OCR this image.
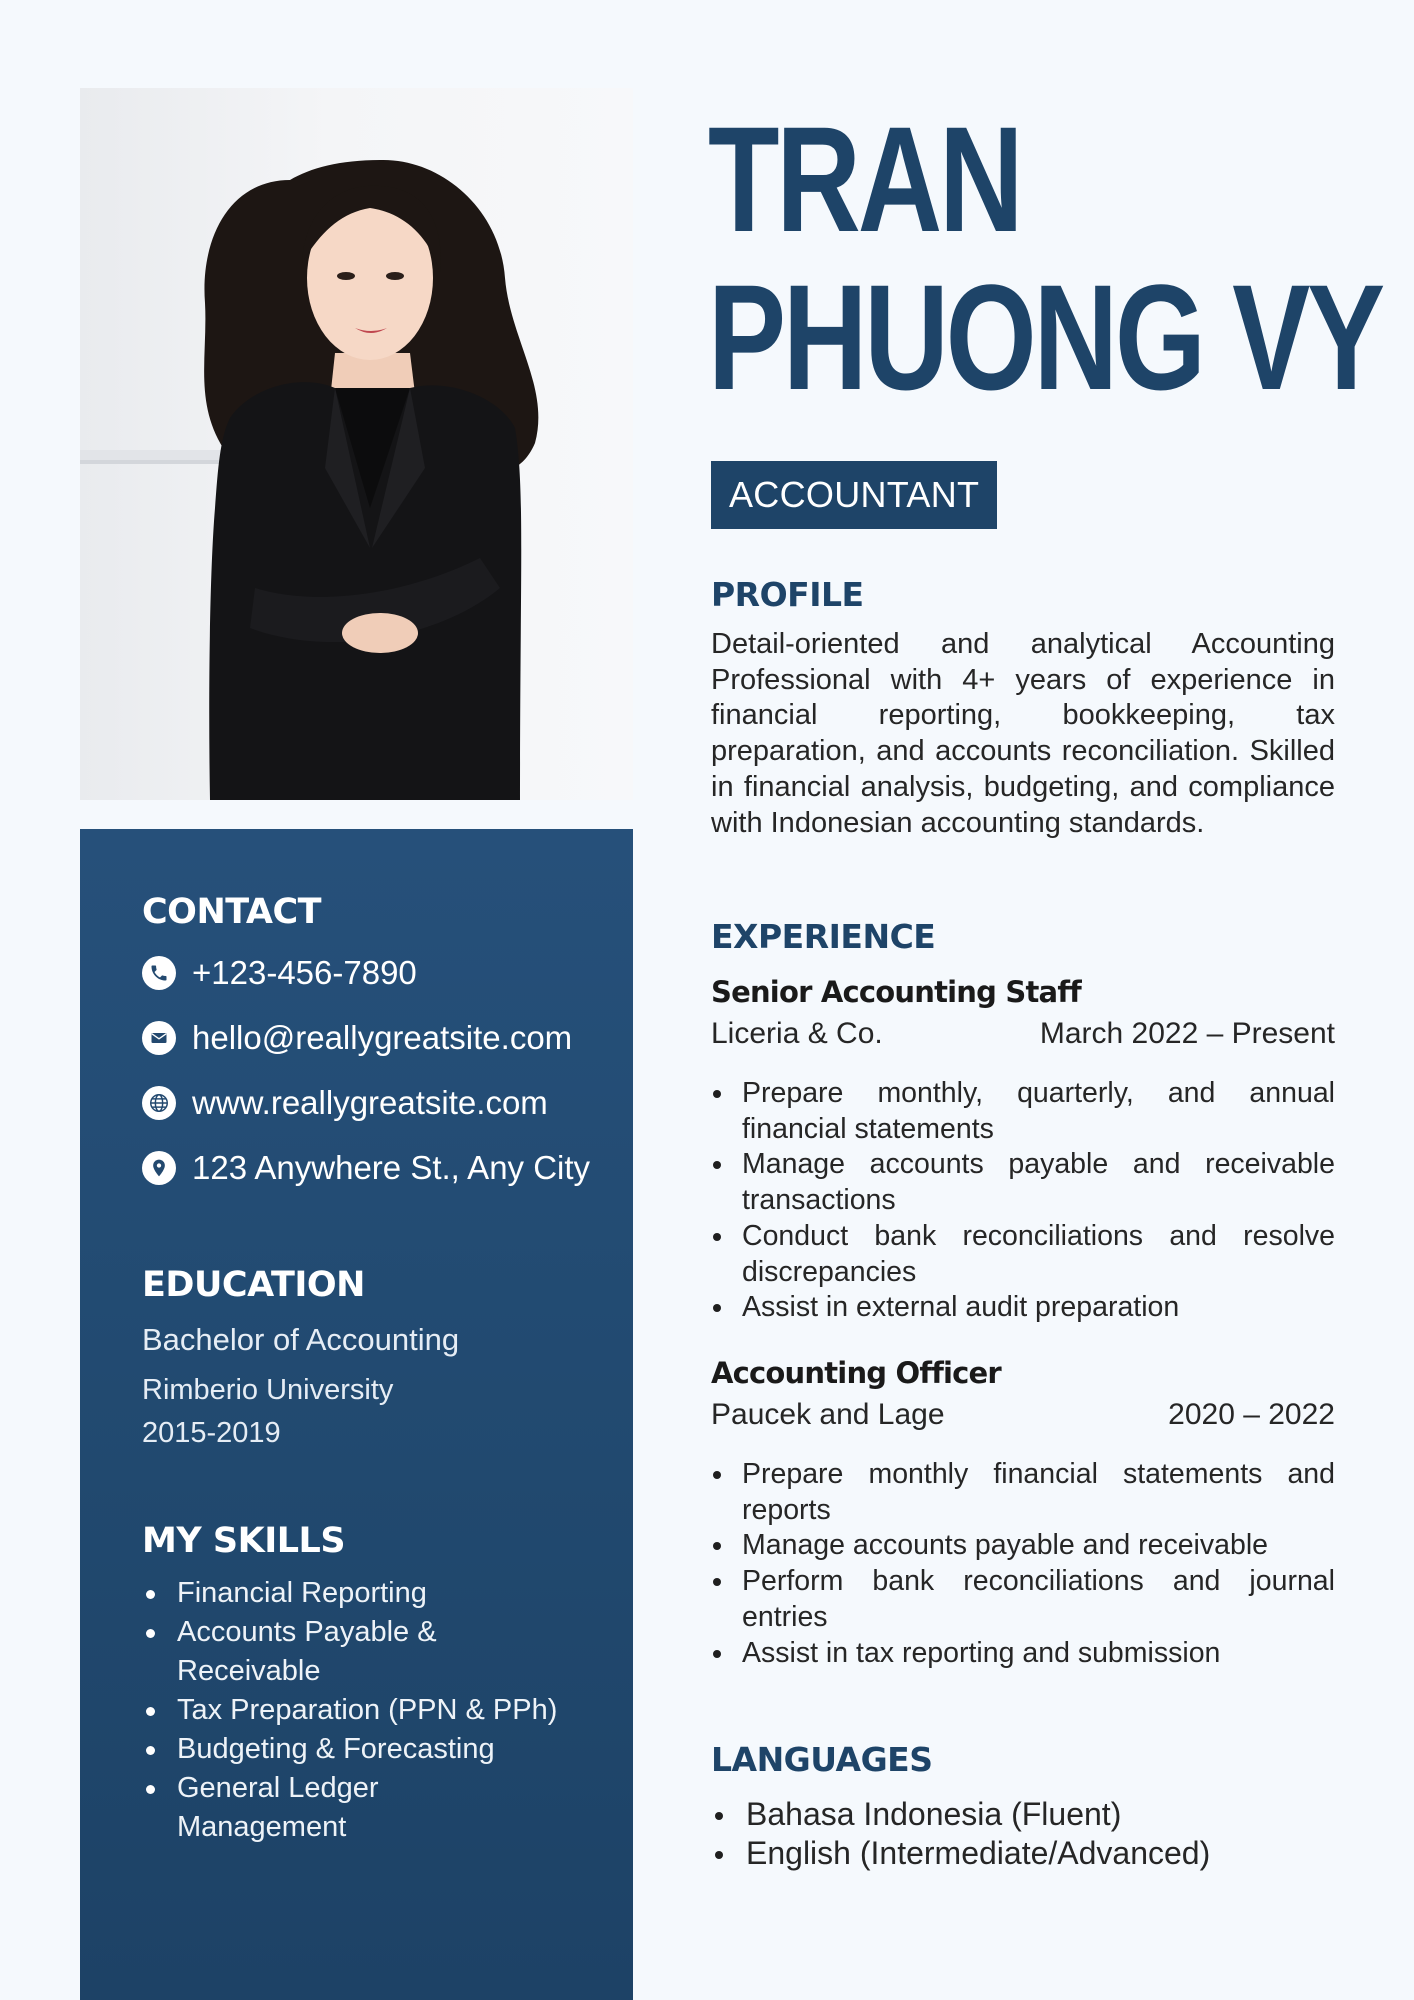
CONTACT
+123-456-7890
hello@reallygreatsite.com
www.reallygreatsite.com
123 Anywhere St., Any City
EDUCATION
Bachelor of Accounting
Rimberio University
2015-2019
MY SKILLS
Financial Reporting
Accounts Payable & Receivable
Tax Preparation (PPN & PPh)
Budgeting & Forecasting
General Ledger Management
TRAN
PHUONG VY
ACCOUNTANT
PROFILE

Detail-oriented and analytical Accounting Professional with 4+ years of experience in financial reporting, bookkeeping, tax preparation, and accounts reconciliation. Skilled in financial analysis, budgeting, and compliance with Indonesian accounting standards.

EXPERIENCE
Senior Accounting Staff
Liceria & Co.	March 2022 – Present
Prepare monthly, quarterly, and annual financial statements
Manage accounts payable and receivable transactions
Conduct bank reconciliations and resolve discrepancies
Assist in external audit preparation
Accounting Officer
Paucek and Lage	2020 – 2022
Prepare monthly financial statements and reports
Manage accounts payable and receivable
Perform bank reconciliations and journal entries
Assist in tax reporting and submission
LANGUAGES
Bahasa Indonesia (Fluent)
English (Intermediate/Advanced)
